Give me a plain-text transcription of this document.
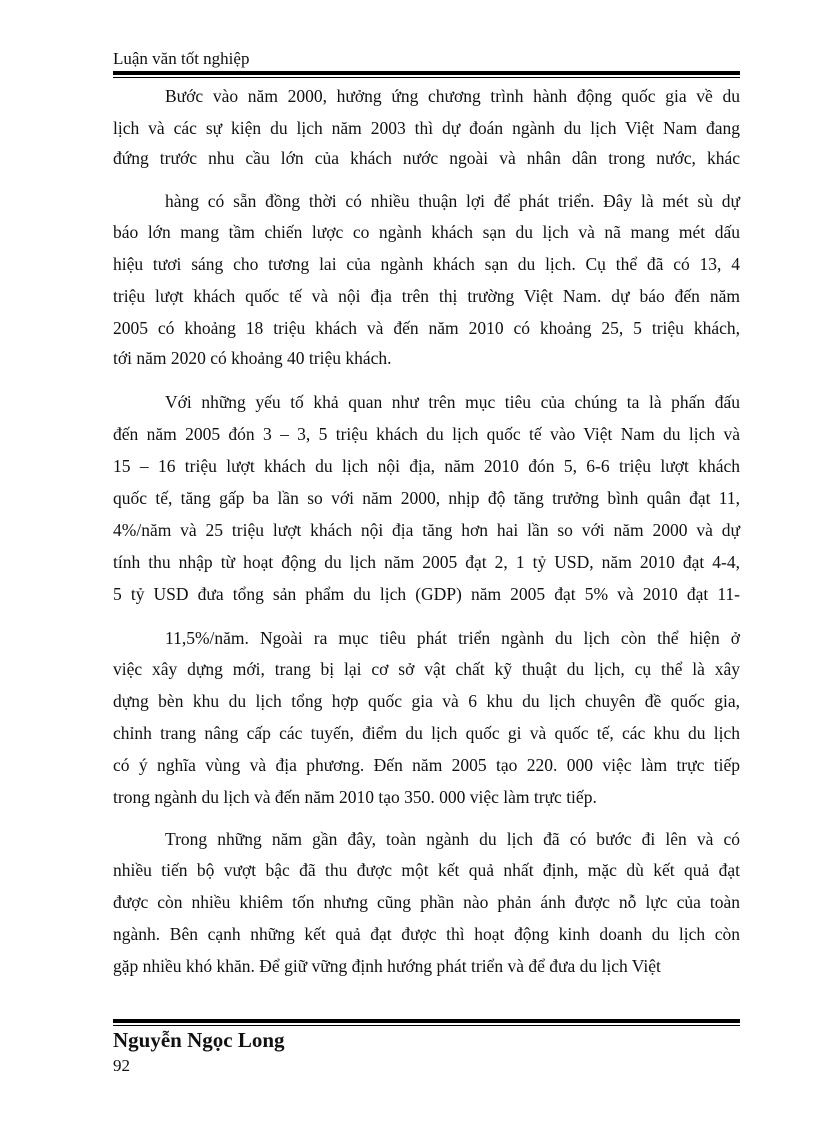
Luận văn tốt nghiệp
Bước vào năm 2000, hưởng ứng chương trình hành động quốc gia về du
lịch và các sự kiện du lịch năm 2003 thì dự đoán ngành du lịch Việt Nam đang
đứng trước nhu cầu lớn của khách nước ngoài và nhân dân trong nước, khác
hàng có sẵn đồng thời có nhiều thuận lợi để phát triển. Đây là mét sù dự
báo lớn mang tầm chiến lược co ngành khách sạn du lịch và nã mang mét dấu
hiệu tươi sáng cho tương lai của ngành khách sạn du lịch. Cụ thể đã có 13, 4
triệu lượt khách quốc tế và nội địa trên thị trường Việt Nam. dự báo đến năm
2005 có khoảng 18 triệu khách và đến năm 2010 có khoảng 25, 5 triệu khách,
tới năm 2020 có khoảng 40 triệu khách.
Với những yếu tố khả quan như trên mục tiêu của chúng ta là phấn đấu
đến năm 2005 đón 3 – 3, 5 triệu khách du lịch quốc tế vào Việt Nam du lịch và
15 – 16 triệu lượt khách du lịch nội địa, năm 2010 đón 5, 6-6 triệu lượt khách
quốc tế, tăng gấp ba lần so với năm 2000, nhịp độ tăng trưởng bình quân đạt 11,
4%/năm và 25 triệu lượt khách nội địa tăng hơn hai lần so với năm 2000 và dự
tính thu nhập từ hoạt động du lịch năm 2005 đạt 2, 1 tỷ USD, năm 2010 đạt 4-4,
5 tỷ USD đưa tổng sản phẩm du lịch (GDP) năm 2005 đạt 5% và 2010 đạt 11-
11,5%/năm. Ngoài ra mục tiêu phát triển ngành du lịch còn thể hiện ở
việc xây dựng mới, trang bị lại cơ sở vật chất kỹ thuật du lịch, cụ thể là xây
dựng bèn khu du lịch tổng hợp quốc gia và 6 khu du lịch chuyên đề quốc gia,
chỉnh trang nâng cấp các tuyến, điểm du lịch quốc gi và quốc tế, các khu du lịch
có ý nghĩa vùng và địa phương. Đến năm 2005 tạo 220. 000 việc làm trực tiếp
trong ngành du lịch và đến năm 2010 tạo 350. 000 việc làm trực tiếp.
Trong những năm gần đây, toàn ngành du lịch đã có bước đi lên và có
nhiều tiến bộ vượt bậc đã thu được một kết quả nhất định, mặc dù kết quả đạt
được còn nhiều khiêm tốn nhưng cũng phần nào phản ánh được nỗ lực của toàn
ngành. Bên cạnh những kết quả đạt được thì hoạt động kinh doanh du lịch còn
gặp nhiều khó khăn. Để giữ vững định hướng phát triển và để đưa du lịch Việt
Nguyễn Ngọc Long
92
